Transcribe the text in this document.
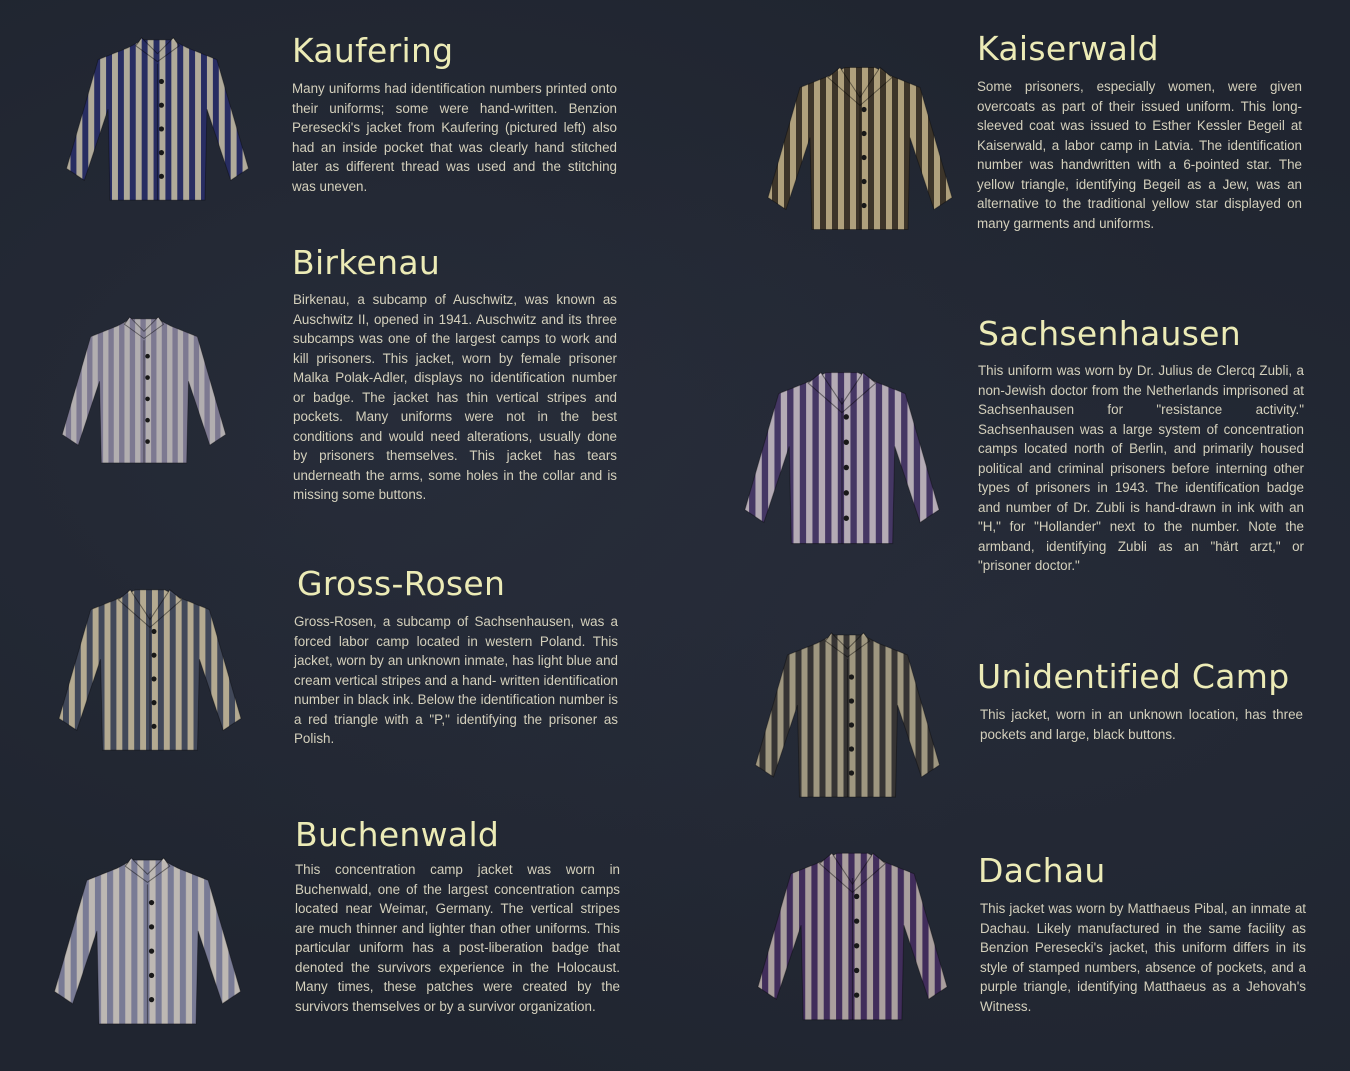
Kaufering

Many uniforms had identification numbers printed onto their uniforms; some were hand-written. Benzion Peresecki's jacket from Kaufering (pictured left) also had an inside pocket that was clearly hand stitched later as different thread was used and the stitching was uneven.

Birkenau

Birkenau, a subcamp of Auschwitz, was known as Auschwitz II, opened in 1941. Auschwitz and its three subcamps was one of the largest camps to work and kill prisoners. This jacket, worn by female prisoner Malka Polak-Adler, displays no identification number or badge. The jacket has thin vertical stripes and pockets. Many uniforms were not in the best conditions and would need alterations, usually done by prisoners themselves. This jacket has tears underneath the arms, some holes in the collar and is missing some buttons.

Gross-Rosen

Gross-Rosen, a subcamp of Sachsenhausen, was a forced labor camp located in western Poland. This jacket, worn by an unknown inmate, has light blue and cream vertical stripes and a hand- written identification number in black ink. Below the identification number is a red triangle with a "P," identifying the prisoner as Polish.

Buchenwald

This concentration camp jacket was worn in Buchenwald, one of the largest concentration camps located near Weimar, Germany. The vertical stripes are much thinner and lighter than other uniforms. This particular uniform has a post-liberation badge that denoted the survivors experience in the Holocaust. Many times, these patches were created by the survivors themselves or by a survivor organization.

Kaiserwald

Some prisoners, especially women, were given overcoats as part of their issued uniform. This long-sleeved coat was issued to Esther Kessler Begeil at Kaiserwald, a labor camp in Latvia. The identification number was handwritten with a 6-pointed star. The yellow triangle, identifying Begeil as a Jew, was an alternative to the traditional yellow star displayed on many garments and uniforms.

Sachsenhausen

This uniform was worn by Dr. Julius de Clercq Zubli, a non-Jewish doctor from the Netherlands imprisoned at Sachsenhausen for "resistance activity." Sachsenhausen was a large system of concentration camps located north of Berlin, and primarily housed political and criminal prisoners before interning other types of prisoners in 1943. The identification badge and number of Dr. Zubli is hand-drawn in ink with an "H," for "Hollander" next to the number. Note the armband, identifying Zubli as an "härt arzt," or "prisoner doctor."

Unidentified Camp

This jacket, worn in an unknown location, has three pockets and large, black buttons.

Dachau

This jacket was worn by Matthaeus Pibal, an inmate at Dachau. Likely manufactured in the same facility as Benzion Peresecki's jacket, this uniform differs in its style of stamped numbers, absence of pockets, and a purple triangle, identifying Matthaeus as a Jehovah's Witness.
